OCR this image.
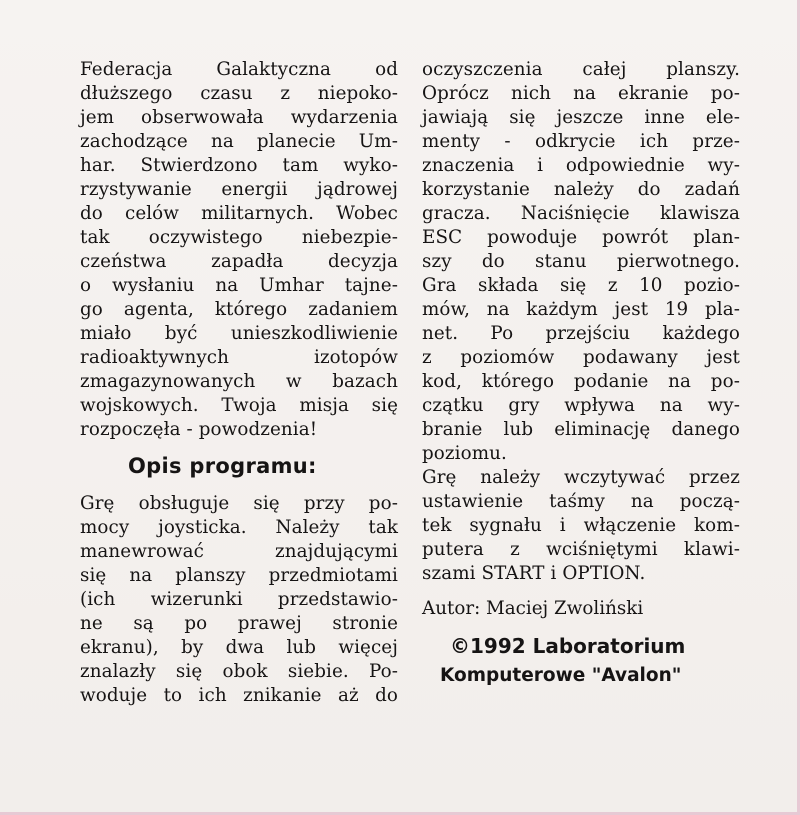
Federacja Galaktyczna od
dłuższego czasu z niepoko-
jem obserwowała wydarzenia
zachodzące na planecie Um-
har. Stwierdzono tam wyko-
rzystywanie energii jądrowej
do celów militarnych. Wobec
tak oczywistego niebezpie-
czeństwa zapadła decyzja
o wysłaniu na Umhar tajne-
go agenta, którego zadaniem
miało być unieszkodliwienie
radioaktywnych izotopów
zmagazynowanych w bazach
wojskowych. Twoja misja się
rozpoczęła - powodzenia!

Opis programu:

Grę obsługuje się przy po-
mocy joysticka. Należy tak
manewrować znajdującymi
się na planszy przedmiotami
(ich wizerunki przedstawio-
ne są po prawej stronie
ekranu), by dwa lub więcej
znalazły się obok siebie. Po-
woduje to ich znikanie aż do

oczyszczenia całej planszy.
Oprócz nich na ekranie po-
jawiają się jeszcze inne ele-
menty - odkrycie ich prze-
znaczenia i odpowiednie wy-
korzystanie należy do zadań
gracza. Naciśnięcie klawisza
ESC powoduje powrót plan-
szy do stanu pierwotnego.
Gra składa się z 10 pozio-
mów, na każdym jest 19 pla-
net. Po przejściu każdego
z poziomów podawany jest
kod, którego podanie na po-
czątku gry wpływa na wy-
branie lub eliminację danego
poziomu.

Grę należy wczytywać przez
ustawienie taśmy na począ-
tek sygnału i włączenie kom-
putera z wciśniętymi klawi-
szami START i OPTION.

Autor: Maciej Zwoliński
©1992 Laboratorium
Komputerowe "Avalon"
